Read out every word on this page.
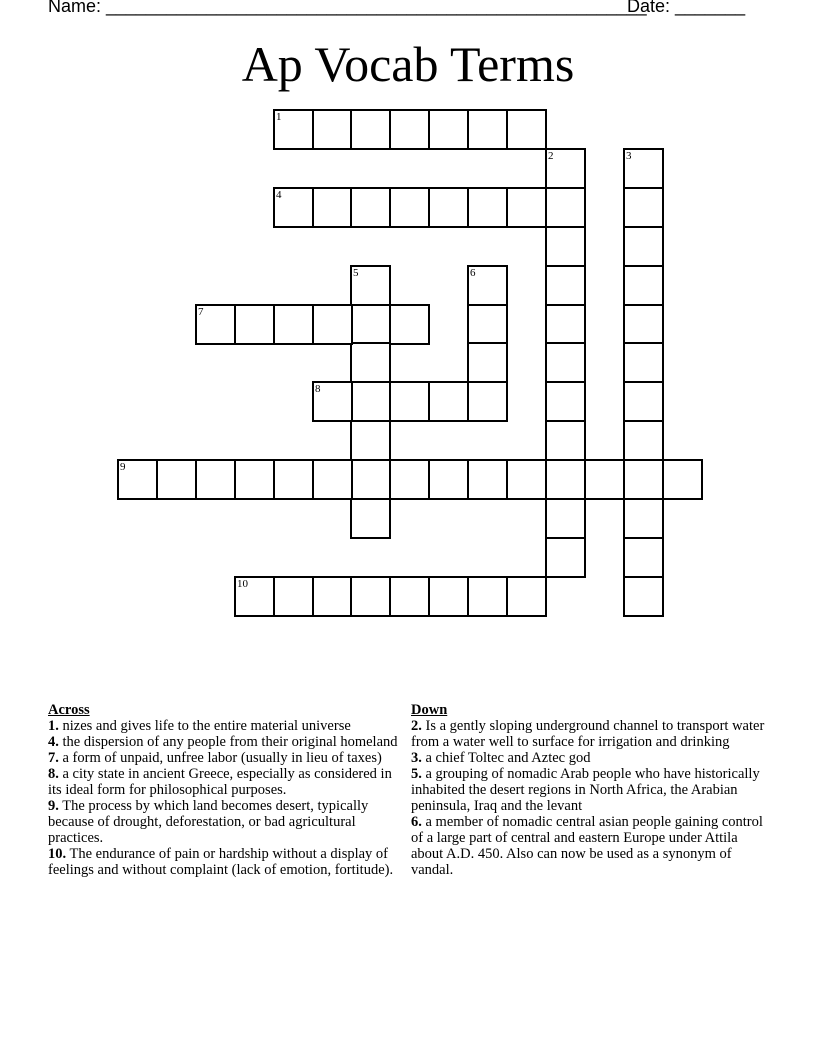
Name: ______________________________________________________
Date: _______
Ap Vocab Terms
1
2	3
4
5	6
7
8
9
10
Across
1. nizes and gives life to the entire material universe
4. the dispersion of any people from their original homeland
7. a form of unpaid, unfree labor (usually in lieu of taxes)
8. a city state in ancient Greece, especially as considered in its ideal form for philosophical purposes.
9. The process by which land becomes desert, typically because of drought, deforestation, or bad agricultural practices.
10. The endurance of pain or hardship without a display of feelings and without complaint (lack of emotion, fortitude).
Down
2. Is a gently sloping underground channel to transport water from a water well to surface for irrigation and drinking
3. a chief Toltec and Aztec god
5. a grouping of nomadic Arab people who have historically inhabited the desert regions in North Africa, the Arabian peninsula, Iraq and the levant
6. a member of nomadic central asian people gaining control of a large part of central and eastern Europe under Attila about A.D. 450. Also can now be used as a synonym of vandal.
